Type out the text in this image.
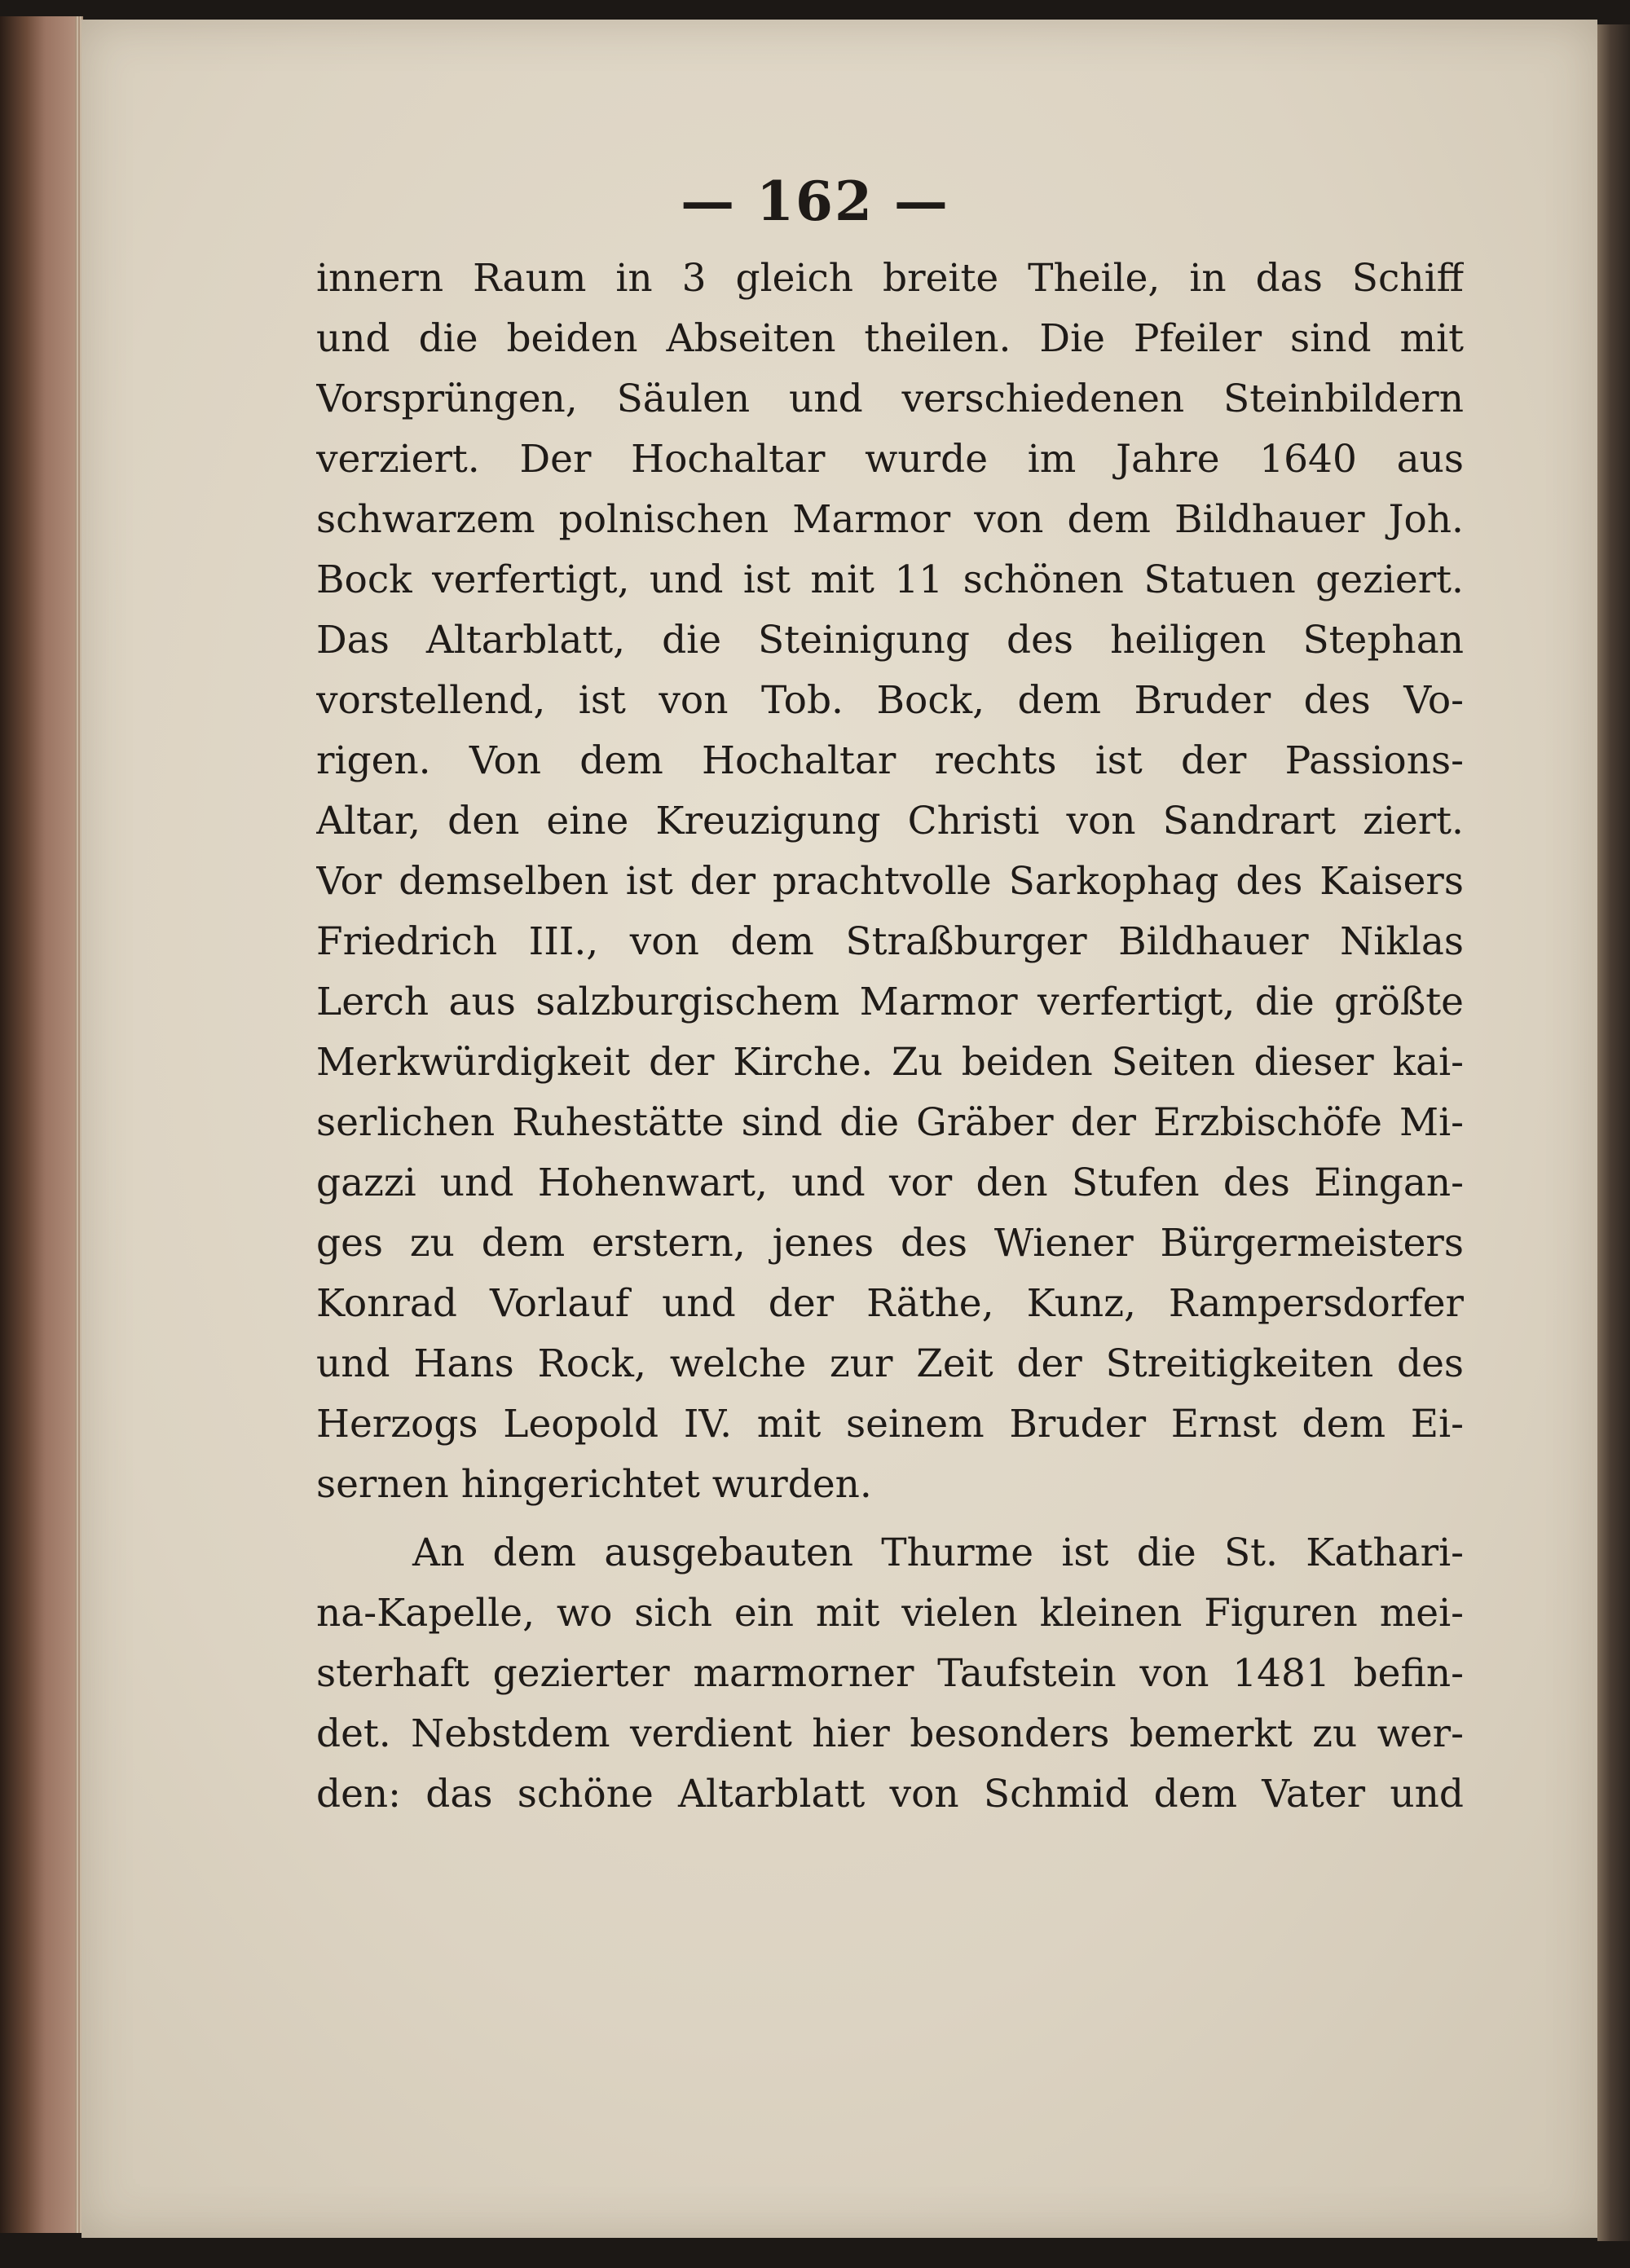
— 162 —
innern Raum in 3 gleich breite Theile, in das Schiff
und die beiden Abseiten theilen. Die Pfeiler sind mit
Vorsprüngen, Säulen und verschiedenen Steinbildern
verziert. Der Hochaltar wurde im Jahre 1640 aus
schwarzem polnischen Marmor von dem Bildhauer Joh.
Bock verfertigt, und ist mit 11 schönen Statuen geziert.
Das Altarblatt, die Steinigung des heiligen Stephan
vorstellend, ist von Tob. Bock, dem Bruder des Vo-
rigen. Von dem Hochaltar rechts ist der Passions-
Altar, den eine Kreuzigung Christi von Sandrart ziert.
Vor demselben ist der prachtvolle Sarkophag des Kaisers
Friedrich III., von dem Straßburger Bildhauer Niklas
Lerch aus salzburgischem Marmor verfertigt, die größte
Merkwürdigkeit der Kirche. Zu beiden Seiten dieser kai-
serlichen Ruhestätte sind die Gräber der Erzbischöfe Mi-
gazzi und Hohenwart, und vor den Stufen des Eingan-
ges zu dem erstern, jenes des Wiener Bürgermeisters
Konrad Vorlauf und der Räthe, Kunz, Rampersdorfer
und Hans Rock, welche zur Zeit der Streitigkeiten des
Herzogs Leopold IV. mit seinem Bruder Ernst dem Ei-
sernen hingerichtet wurden.
An dem ausgebauten Thurme ist die St. Kathari-
na-Kapelle, wo sich ein mit vielen kleinen Figuren mei-
sterhaft gezierter marmorner Taufstein von 1481 befin-
det. Nebstdem verdient hier besonders bemerkt zu wer-
den: das schöne Altarblatt von Schmid dem Vater und
